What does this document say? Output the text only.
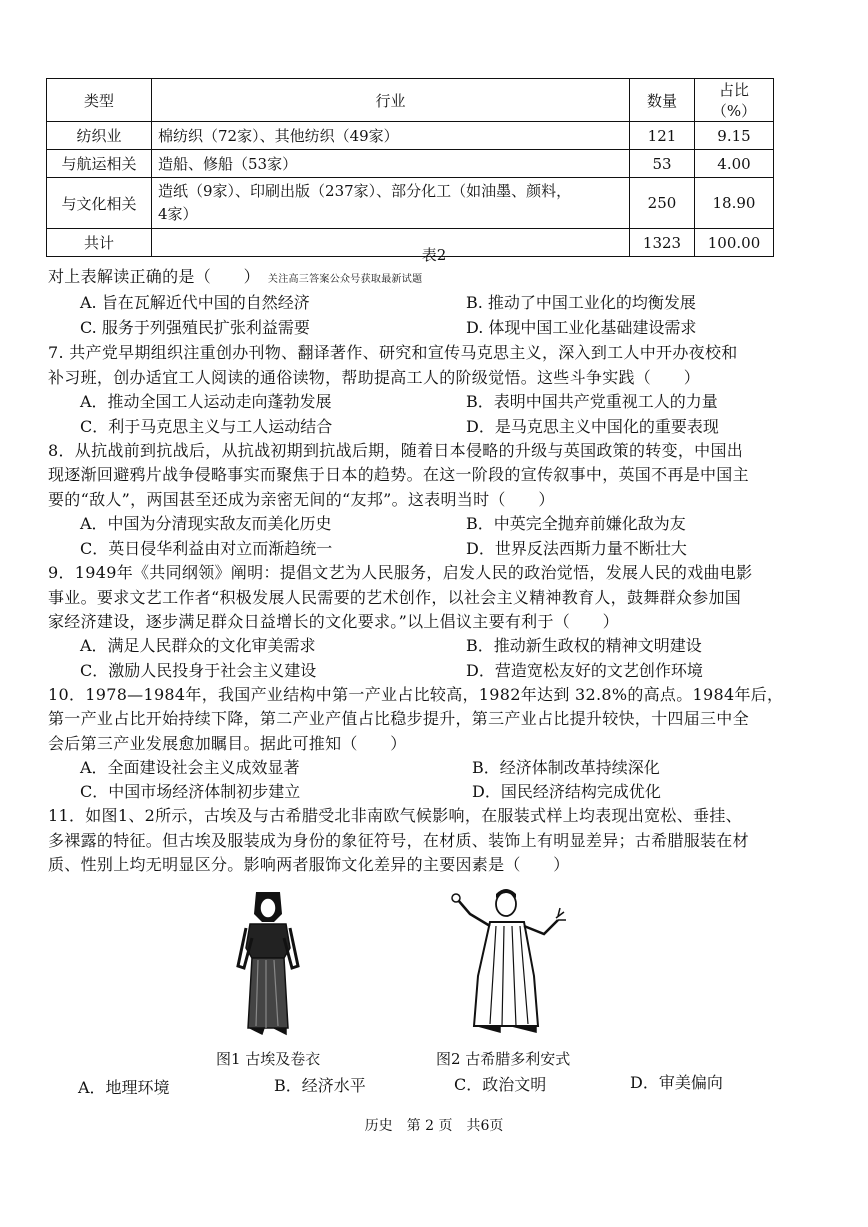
类型	行业	数量	占比（%）
纺织业	棉纺织（72家）、其他纺织（49家）	121	9.15
与航运相关	造船、修船（53家）	53	4.00
与文化相关	造纸（9家）、印刷出版（237家）、部分化工（如油墨、颜料，
4家）	250	18.90
共计		1323	100.00
表2
对上表解读正确的是（　　） 关注高三答案公众号获取最新试题
A. 旨在瓦解近代中国的自然经济	B. 推动了中国工业化的均衡发展
C. 服务于列强殖民扩张利益需要	D. 体现中国工业化基础建设需求
7. 共产党早期组织注重创办刊物、翻译著作、研究和宣传马克思主义，深入到工人中开办夜校和
补习班，创办适宜工人阅读的通俗读物，帮助提高工人的阶级觉悟。这些斗争实践（　　）
A．推动全国工人运动走向蓬勃发展	B．表明中国共产党重视工人的力量
C．利于马克思主义与工人运动结合	D．是马克思主义中国化的重要表现
8．从抗战前到抗战后，从抗战初期到抗战后期，随着日本侵略的升级与英国政策的转变，中国出
现逐渐回避鸦片战争侵略事实而聚焦于日本的趋势。在这一阶段的宣传叙事中，英国不再是中国主
要的“敌人”，两国甚至还成为亲密无间的“友邦”。这表明当时（　　）
A．中国为分清现实敌友而美化历史	B．中英完全抛弃前嫌化敌为友
C．英日侵华利益由对立而渐趋统一	D．世界反法西斯力量不断壮大
9．1949年《共同纲领》阐明：提倡文艺为人民服务，启发人民的政治觉悟，发展人民的戏曲电影
事业。要求文艺工作者“积极发展人民需要的艺术创作，以社会主义精神教育人，鼓舞群众参加国
家经济建设，逐步满足群众日益增长的文化要求。”以上倡议主要有利于（　　）
A．满足人民群众的文化审美需求	B．推动新生政权的精神文明建设
C．激励人民投身于社会主义建设	D．营造宽松友好的文艺创作环境
10．1978—1984年，我国产业结构中第一产业占比较高，1982年达到 32.8%的高点。1984年后，
第一产业占比开始持续下降，第二产业产值占比稳步提升，第三产业占比提升较快，十四届三中全
会后第三产业发展愈加瞩目。据此可推知（　　）
A．全面建设社会主义成效显著	B．经济体制改革持续深化
C．中国市场经济体制初步建立	D．国民经济结构完成优化
11．如图1、2所示，古埃及与古希腊受北非南欧气候影响，在服装式样上均表现出宽松、垂挂、
多裸露的特征。但古埃及服装成为身份的象征符号，在材质、装饰上有明显差异；古希腊服装在材
质、性别上均无明显区分。影响两者服饰文化差异的主要因素是（　　）
图1 古埃及卷衣	图2 古希腊多利安式
A．地理环境	B．经济水平	C．政治文明	D．审美偏向
历史　第 2 页　共6页
